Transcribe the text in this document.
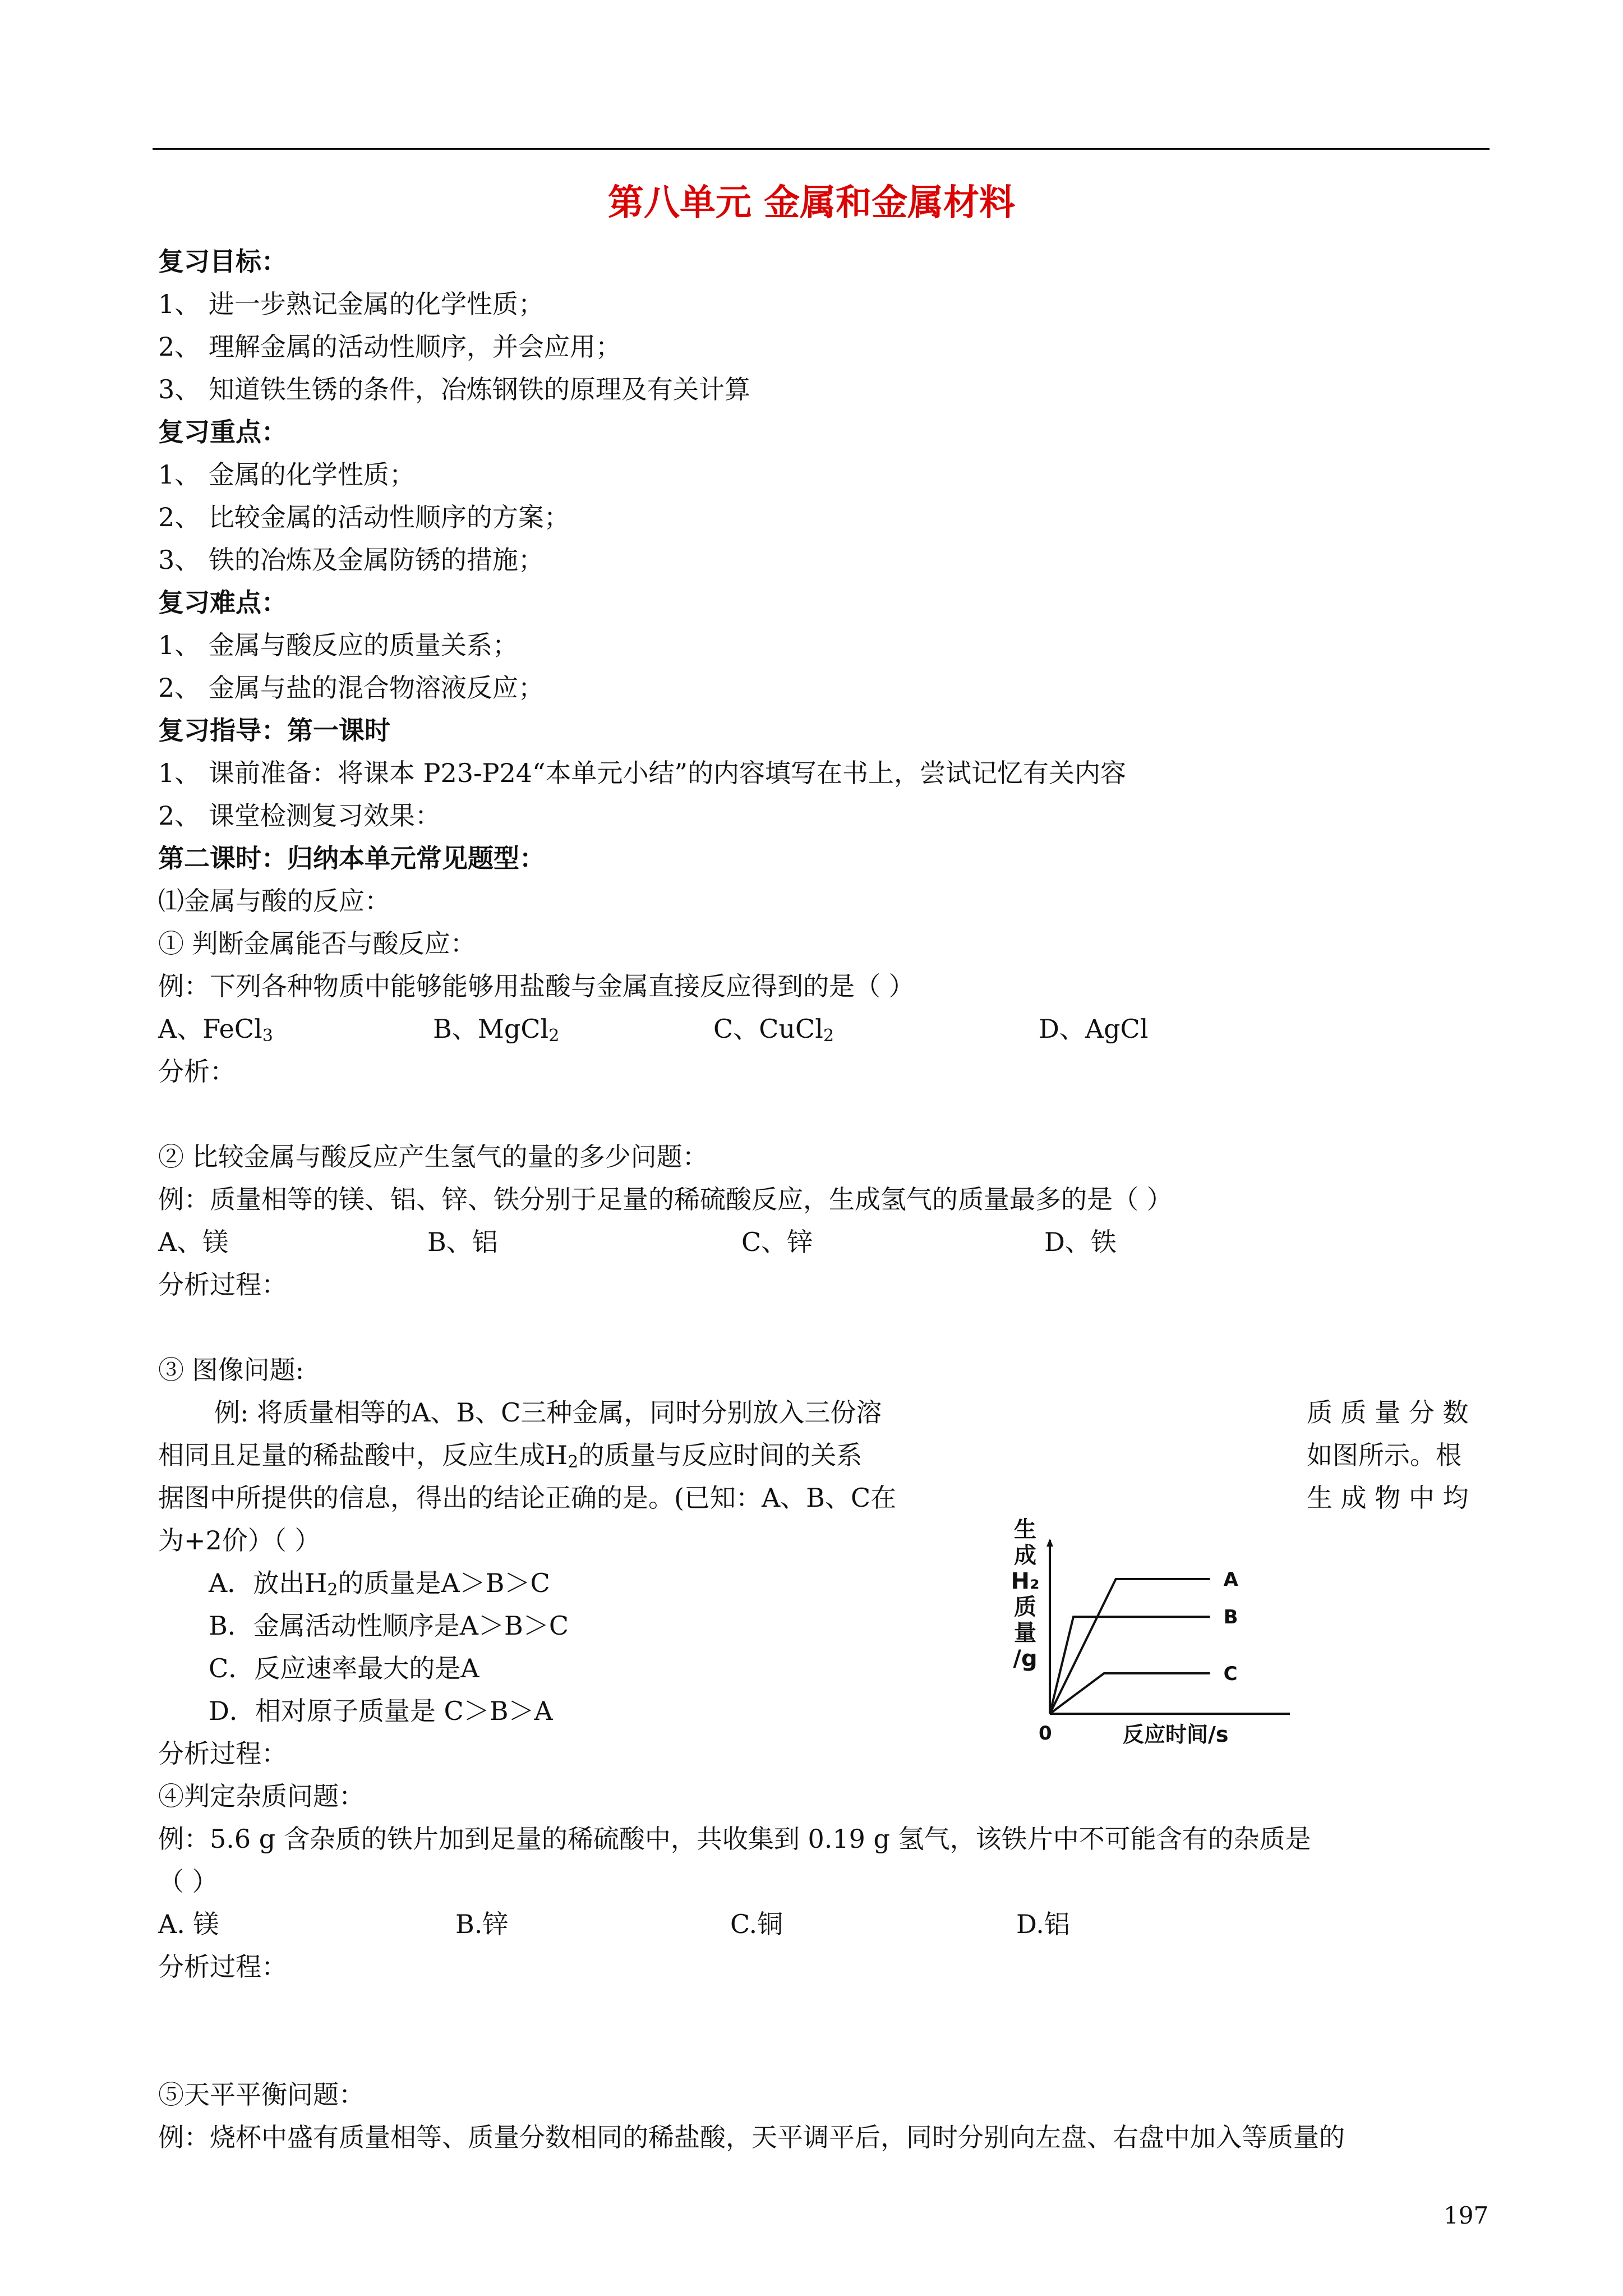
第八单元 金属和金属材料
复习目标：
1、 进一步熟记金属的化学性质；
2、 理解金属的活动性顺序，并会应用；
3、 知道铁生锈的条件，冶炼钢铁的原理及有关计算
复习重点：
1、 金属的化学性质；
2、 比较金属的活动性顺序的方案；
3、 铁的冶炼及金属防锈的措施；
复习难点：
1、 金属与酸反应的质量关系；
2、 金属与盐的混合物溶液反应；
复习指导：第一课时
1、 课前准备：将课本 P23-P24“本单元小结”的内容填写在书上，尝试记忆有关内容
2、 课堂检测复习效果：
第二课时：归纳本单元常见题型：
⑴金属与酸的反应：
① 判断金属能否与酸反应：
例：下列各种物质中能够能够用盐酸与金属直接反应得到的是（ ）
A、FeCl$_3$	B、MgCl$_2$	C、CuCl$_2$	D、AgCl
分析：
② 比较金属与酸反应产生氢气的量的多少问题：
例：质量相等的镁、铝、锌、铁分别于足量的稀硫酸反应，生成氢气的质量最多的是（ ）
A、镁	B、铝	C、锌	D、铁
分析过程：
③ 图像问题:
例: 将质量相等的A、B、C三种金属，同时分别放入三份溶	质 质 量 分 数
相同且足量的稀盐酸中，反应生成$H_2$的质量与反应时间的关系	如图所示。根
据图中所提供的信息，得出的结论正确的是。(已知：A、B、C在	生 成 物 中 均
为+2价）（ ）
A．放出$H_2$的质量是A＞B＞C
B．金属活动性顺序是A＞B＞C
C．反应速率最大的是A
D．相对原子质量是 C＞B＞A
分析过程：
A
B
C
生
成
H₂
质
量
/g
0	反应时间/s
④判定杂质问题：
例：5.6 g 含杂质的铁片加到足量的稀硫酸中，共收集到 0.19 g 氢气，该铁片中不可能含有的杂质是
（ ）
A. 镁	B.锌	C.铜	D.铝
分析过程：
⑤天平平衡问题：
例：烧杯中盛有质量相等、质量分数相同的稀盐酸，天平调平后，同时分别向左盘、右盘中加入等质量的
197
